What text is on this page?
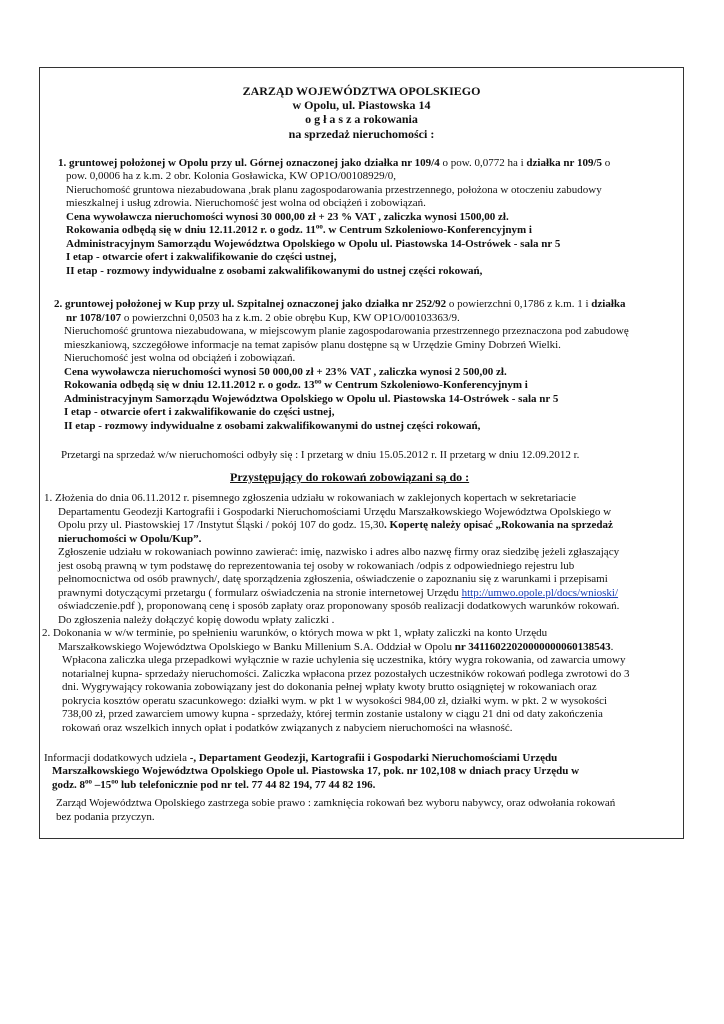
ZARZĄD WOJEWÓDZTWA OPOLSKIEGO

w Opolu, ul. Piastowska 14

o g ł a s z a rokowania

na sprzedaż nieruchomości :

1. gruntowej położonej w Opolu przy ul. Górnej oznaczonej jako działka nr 109/4 o pow. 0,0772 ha i działka nr 109/5 o

pow. 0,0006 ha z k.m. 2 obr. Kolonia Gosławicka, KW OP1O/00108929/0,

Nieruchomość gruntowa niezabudowana ,brak planu zagospodarowania przestrzennego, położona w otoczeniu zabudowy

mieszkalnej i usług zdrowia. Nieruchomość jest wolna od obciążeń i zobowiązań.

Cena wywoławcza nieruchomości wynosi 30 000,00 zł + 23 % VAT , zaliczka wynosi 1500,00 zł.

Rokowania odbędą się w dniu 12.11.2012 r. o godz. $11^{oo}$. w Centrum Szkoleniowo-Konferencyjnym i

Administracyjnym Samorządu Województwa Opolskiego w Opolu ul. Piastowska 14-Ostrówek - sala nr 5

I etap - otwarcie ofert i zakwalifikowanie do części ustnej,

II etap - rozmowy indywidualne z osobami zakwalifikowanymi do ustnej części rokowań,

2. gruntowej położonej w Kup przy ul. Szpitalnej oznaczonej jako działka nr 252/92 o powierzchni 0,1786 z k.m. 1 i działka

nr 1078/107 o powierzchni 0,0503 ha z k.m. 2 obie obrębu Kup, KW OP1O/00103363/9.

Nieruchomość gruntowa niezabudowana, w miejscowym planie zagospodarowania przestrzennego przeznaczona pod zabudowę

mieszkaniową, szczegółowe informacje na temat zapisów planu dostępne są w Urzędzie Gminy Dobrzeń Wielki.

Nieruchomość jest wolna od obciążeń i zobowiązań.

Cena wywoławcza nieruchomości wynosi 50 000,00 zł + 23% VAT , zaliczka wynosi 2 500,00 zł.

Rokowania odbędą się w dniu 12.11.2012 r. o godz. $13^{oo}$ w Centrum Szkoleniowo-Konferencyjnym i

Administracyjnym Samorządu Województwa Opolskiego w Opolu ul. Piastowska 14-Ostrówek - sala nr 5

I etap - otwarcie ofert i zakwalifikowanie do części ustnej,

II etap - rozmowy indywidualne z osobami zakwalifikowanymi do ustnej części rokowań,

Przetargi na sprzedaż w/w nieruchomości odbyły się : I przetarg w dniu 15.05.2012 r. II przetarg w dniu 12.09.2012 r.

Przystępujący do rokowań zobowiązani są do :

1. Złożenia do dnia 06.11.2012 r. pisemnego zgłoszenia udziału w rokowaniach w zaklejonych kopertach w sekretariacie

Departamentu Geodezji Kartografii i Gospodarki Nieruchomościami Urzędu Marszałkowskiego Województwa Opolskiego w

Opolu przy ul. Piastowskiej 17 /Instytut Śląski / pokój 107 do godz. 15,30. Kopertę należy opisać „Rokowania na sprzedaż

nieruchomości w Opolu/Kup”.

Zgłoszenie udziału w rokowaniach powinno zawierać: imię, nazwisko i adres albo nazwę firmy oraz siedzibę jeżeli zgłaszający

jest osobą prawną w tym podstawę do reprezentowania tej osoby w rokowaniach /odpis z odpowiedniego rejestru lub

pełnomocnictwa od osób prawnych/, datę sporządzenia zgłoszenia, oświadczenie o zapoznaniu się z warunkami i przepisami

prawnymi dotyczącymi przetargu ( formularz oświadczenia na stronie internetowej Urzędu http://umwo.opole.pl/docs/wnioski/

oświadczenie.pdf ), proponowaną cenę i sposób zapłaty oraz proponowany sposób realizacji dodatkowych warunków rokowań.

Do zgłoszenia należy dołączyć kopię dowodu wpłaty zaliczki .

2. Dokonania w w/w terminie, po spełnieniu warunków, o których mowa w pkt 1, wpłaty zaliczki na konto Urzędu

Marszałkowskiego Województwa Opolskiego w Banku Millenium S.A. Oddział w Opolu nr 34116022020000000060138543.

Wpłacona zaliczka ulega przepadkowi wyłącznie w razie uchylenia się uczestnika, który wygra rokowania, od zawarcia umowy

notarialnej kupna- sprzedaży nieruchomości. Zaliczka wpłacona przez pozostałych uczestników rokowań podlega zwrotowi do 3

dni. Wygrywający rokowania zobowiązany jest do dokonania pełnej wpłaty kwoty brutto osiągniętej w rokowaniach oraz

pokrycia kosztów operatu szacunkowego: działki wym. w pkt 1 w wysokości 984,00 zł, działki wym. w pkt. 2 w wysokości

738,00 zł, przed zawarciem umowy kupna - sprzedaży, której termin zostanie ustalony w ciągu 21 dni od daty zakończenia

rokowań oraz wszelkich innych opłat i podatków związanych z nabyciem nieruchomości na własność.

Informacji dodatkowych udziela -, Departament Geodezji, Kartografii i Gospodarki Nieruchomościami Urzędu

Marszałkowskiego Województwa Opolskiego Opole ul. Piastowska 17, pok. nr 102,108 w dniach pracy Urzędu w

godz. $8^{oo}$ $-15^{oo}$ lub telefonicznie pod nr tel. 77 44 82 194, 77 44 82 196.

Zarząd Województwa Opolskiego zastrzega sobie prawo : zamknięcia rokowań bez wyboru nabywcy, oraz odwołania rokowań

bez podania przyczyn.
